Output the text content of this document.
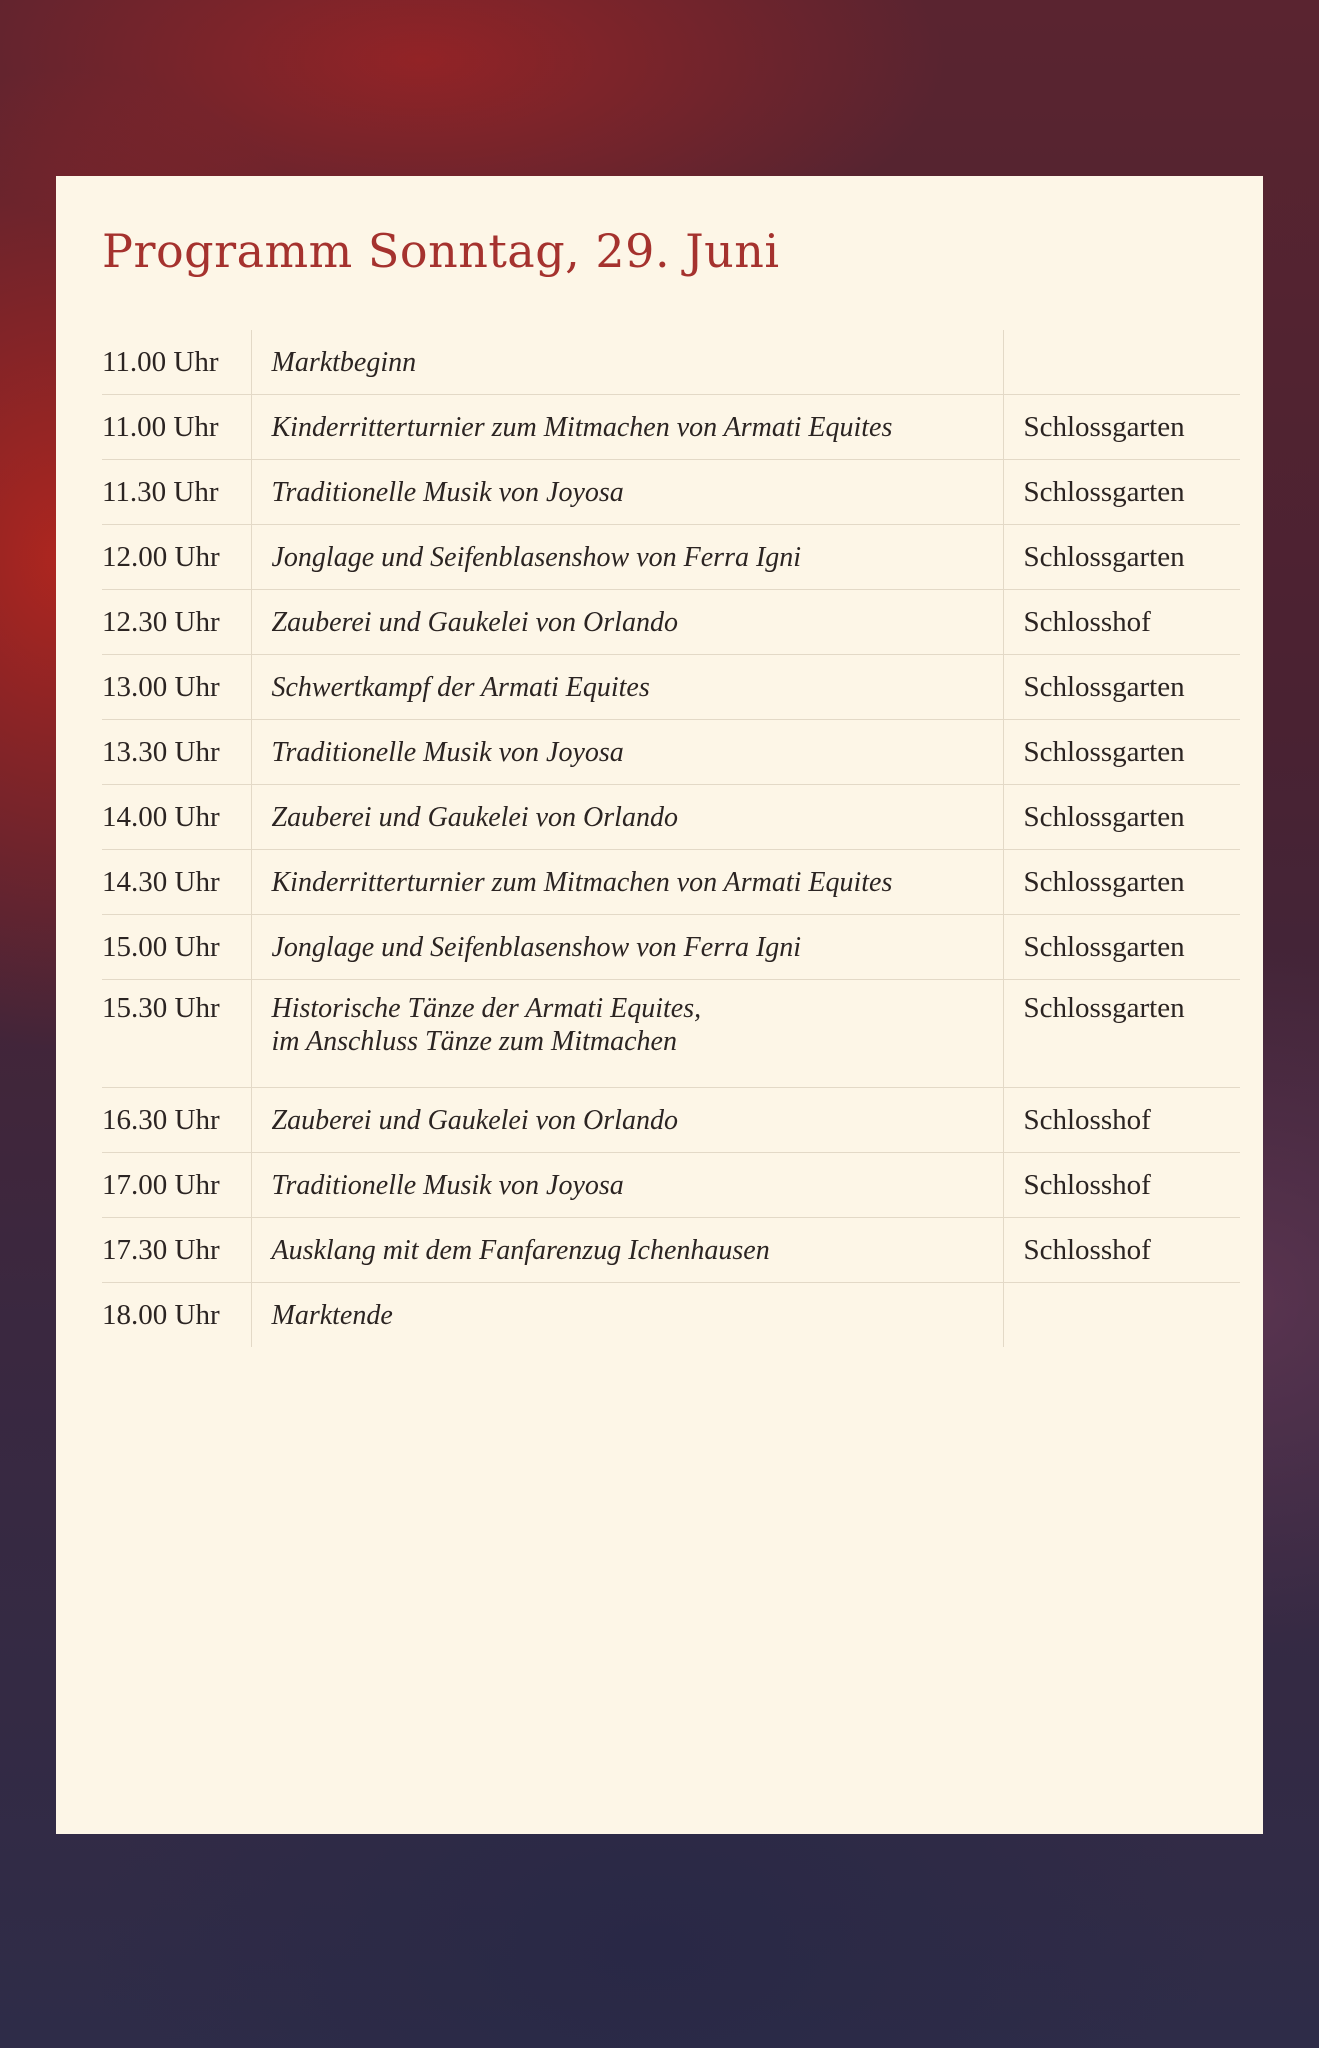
Programm Sonntag, 29. Juni
11.00 Uhr	Marktbeginn	

11.00 Uhr	Kinderritterturnier zum Mitmachen von Armati Equites	Schlossgarten
11.30 Uhr	Traditionelle Musik von Joyosa	Schlossgarten
12.00 Uhr	Jonglage und Seifenblasenshow von Ferra Igni	Schlossgarten
12.30 Uhr	Zauberei und Gaukelei von Orlando	Schlosshof
13.00 Uhr	Schwertkampf der Armati Equites	Schlossgarten
13.30 Uhr	Traditionelle Musik von Joyosa	Schlossgarten
14.00 Uhr	Zauberei und Gaukelei von Orlando	Schlossgarten
14.30 Uhr	Kinderritterturnier zum Mitmachen von Armati Equites	Schlossgarten
15.00 Uhr	Jonglage und Seifenblasenshow von Ferra Igni	Schlossgarten
15.30 Uhr	Historische Tänze der Armati Equites,
im Anschluss Tänze zum Mitmachen	Schlossgarten
16.30 Uhr	Zauberei und Gaukelei von Orlando	Schlosshof
17.00 Uhr	Traditionelle Musik von Joyosa	Schlosshof
17.30 Uhr	Ausklang mit dem Fanfarenzug Ichenhausen	Schlosshof
18.00 Uhr	Marktende	
